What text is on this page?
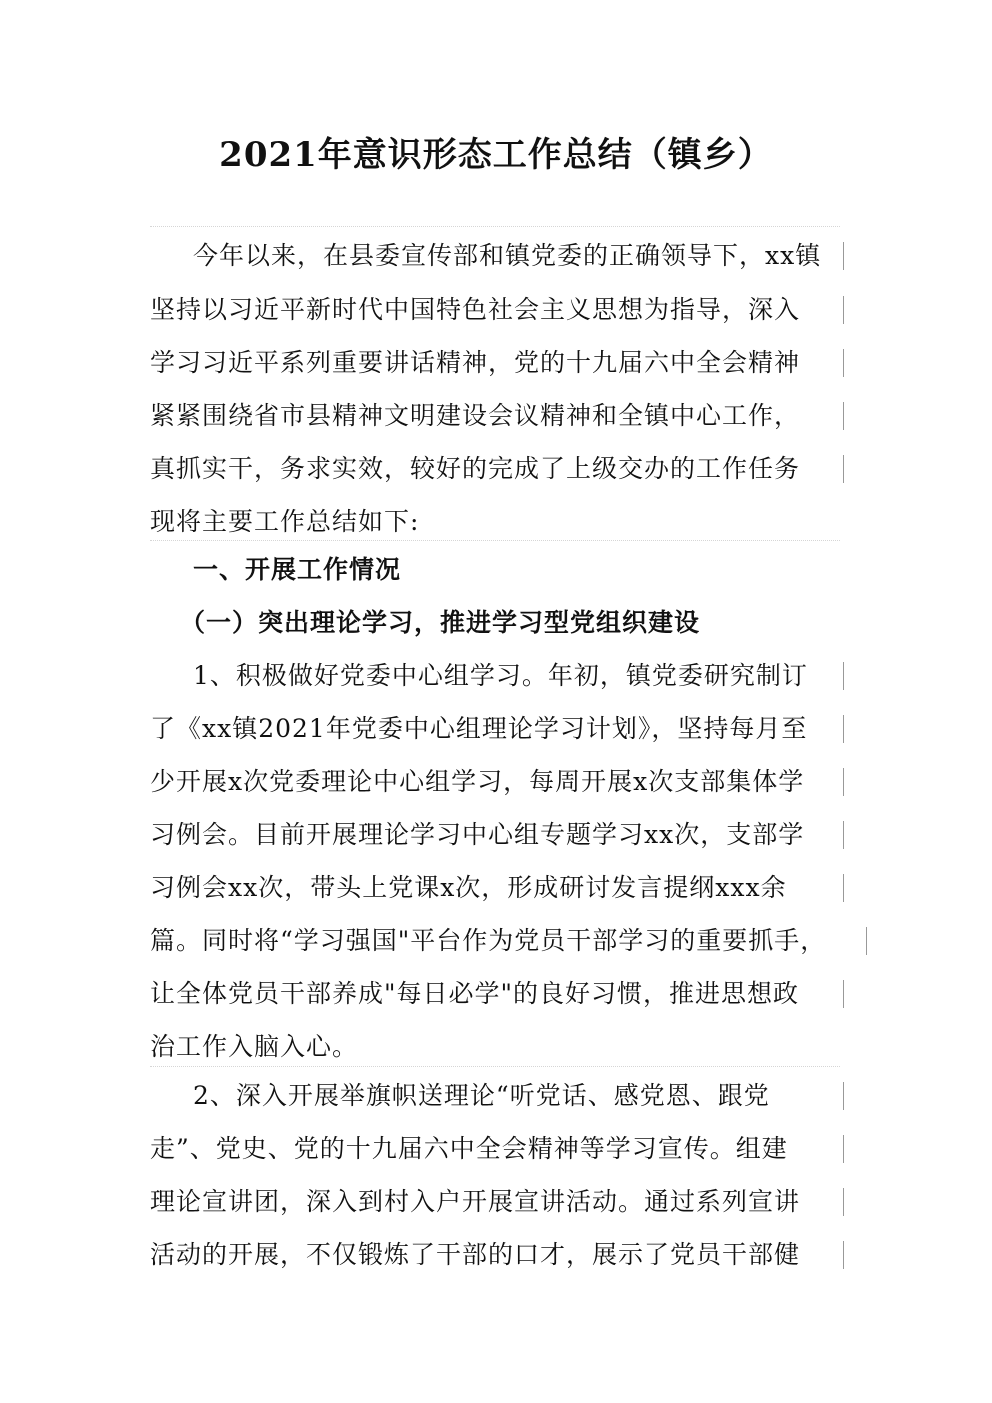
2021年意识形态工作总结（镇乡）
今年以来，在县委宣传部和镇党委的正确领导下，xx镇
坚持以习近平新时代中国特色社会主义思想为指导，深入
学习习近平系列重要讲话精神，党的十九届六中全会精神
紧紧围绕省市县精神文明建设会议精神和全镇中心工作，
真抓实干，务求实效，较好的完成了上级交办的工作任务
现将主要工作总结如下:
一、开展工作情况
（一）突出理论学习，推进学习型党组织建设
1、积极做好党委中心组学习。年初，镇党委研究制订
了《xx镇2021年党委中心组理论学习计划》，坚持每月至
少开展x次党委理论中心组学习，每周开展x次支部集体学
习例会。目前开展理论学习中心组专题学习xx次，支部学
习例会xx次，带头上党课x次，形成研讨发言提纲xxx余
篇。同时将“学习强国"平台作为党员干部学习的重要抓手，
让全体党员干部养成"每日必学"的良好习惯，推进思想政
治工作入脑入心。
2、深入开展举旗帜送理论“听党话、感党恩、跟党
走”、党史、党的十九届六中全会精神等学习宣传。组建
理论宣讲团，深入到村入户开展宣讲活动。通过系列宣讲
活动的开展，不仅锻炼了干部的口才，展示了党员干部健
